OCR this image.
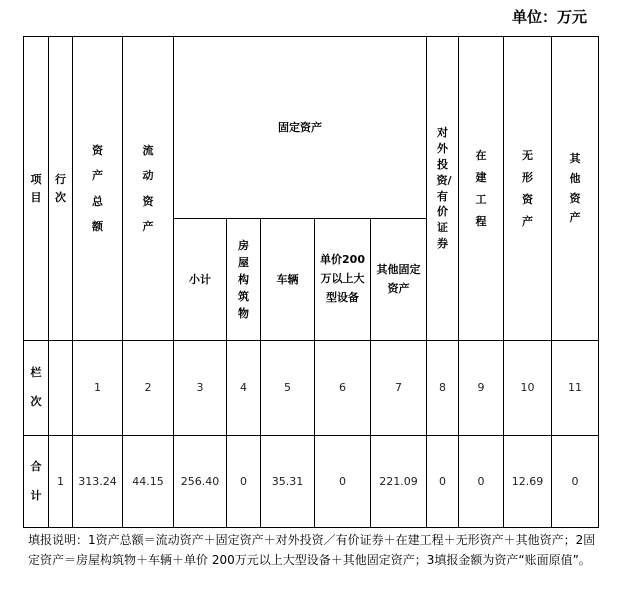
单位：万元
项目	行次	资产总额	流动资产	固定资产					对外投资/有价证券	在建工程	无形资产	其他资产
				小计	房屋构筑物	车辆	单价200万以上大型设备	其他固定资产				
栏次		1	2	3	4	5	6	7	8	9	10	11
合计	1	313.24	44.15	256.40	0	35.31	0	221.09	0	0	12.69	0
填报说明：1资产总额＝流动资产＋固定资产＋对外投资／有价证券＋在建工程＋无形资产＋其他资产；2固定资产＝房屋构筑物＋车辆＋单价 200万元以上大型设备＋其他固定资产；3填报金额为资产“账面原值”。
